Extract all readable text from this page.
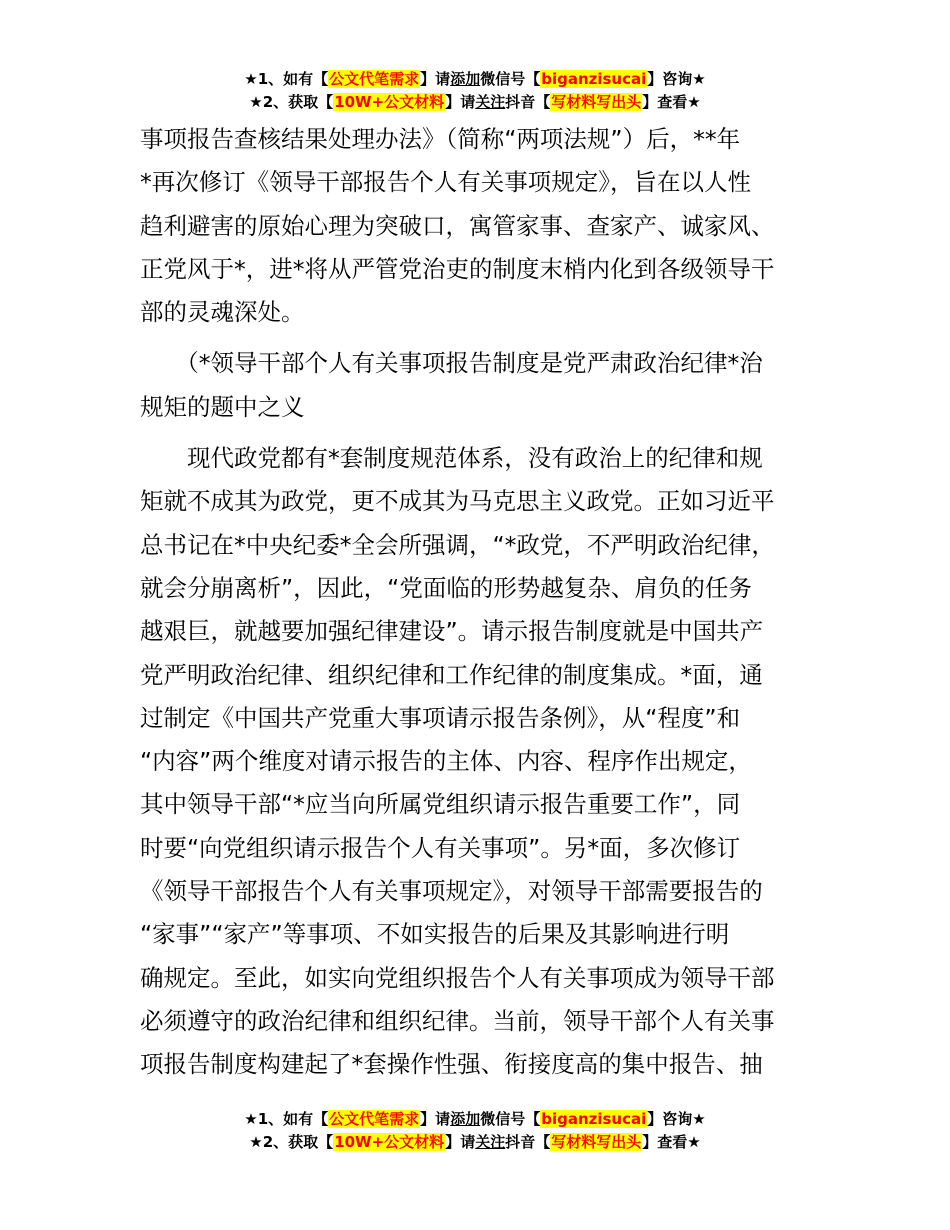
★1、如有【公文代笔需求】请添加微信号【biganzisucai】咨询★
★2、获取【10W+公文材料】请关注抖音【写材料写出头】查看★

事项报告查核结果处理办法》（简称“两项法规”）后，**年
*再次修订《领导干部报告个人有关事项规定》，旨在以人性
趋利避害的原始心理为突破口，寓管家事、查家产、诚家风、
正党风于*，进*将从严管党治吏的制度末梢内化到各级领导干
部的灵魂深处。

（*领导干部个人有关事项报告制度是党严肃政治纪律*治
规矩的题中之义

现代政党都有*套制度规范体系，没有政治上的纪律和规
矩就不成其为政党，更不成其为马克思主义政党。正如习近平
总书记在*中央纪委*全会所强调，“*政党，不严明政治纪律，
就会分崩离析”，因此，“党面临的形势越复杂、肩负的任务
越艰巨，就越要加强纪律建设”。请示报告制度就是中国共产
党严明政治纪律、组织纪律和工作纪律的制度集成。*面，通
过制定《中国共产党重大事项请示报告条例》，从“程度”和
“内容”两个维度对请示报告的主体、内容、程序作出规定，
其中领导干部“*应当向所属党组织请示报告重要工作”，同
时要“向党组织请示报告个人有关事项”。另*面，多次修订
《领导干部报告个人有关事项规定》，对领导干部需要报告的
“家事”“家产”等事项、不如实报告的后果及其影响进行明
确规定。至此，如实向党组织报告个人有关事项成为领导干部
必须遵守的政治纪律和组织纪律。当前，领导干部个人有关事
项报告制度构建起了*套操作性强、衔接度高的集中报告、抽

★1、如有【公文代笔需求】请添加微信号【biganzisucai】咨询★
★2、获取【10W+公文材料】请关注抖音【写材料写出头】查看★
